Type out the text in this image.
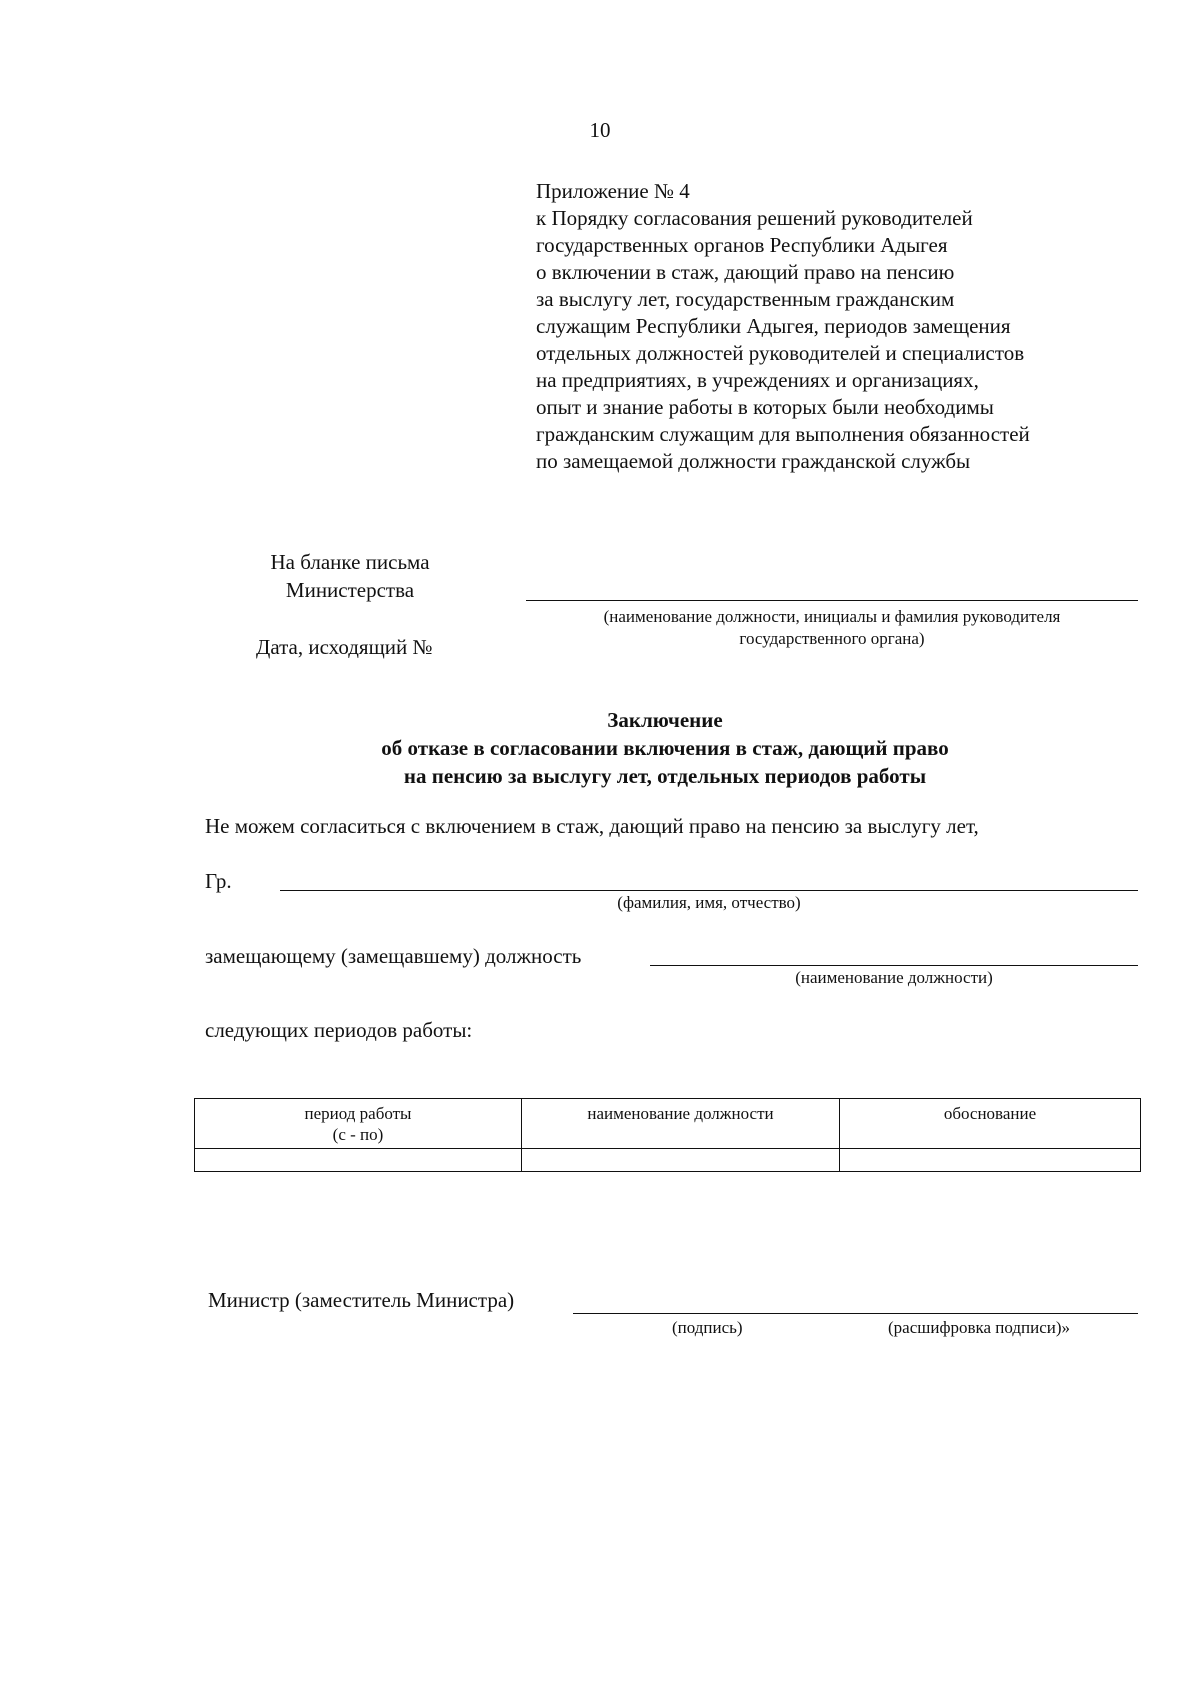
10
Приложение № 4
к Порядку согласования решений руководителей
государственных органов Республики Адыгея
о включении в стаж, дающий право на пенсию
за выслугу лет, государственным гражданским
служащим Республики Адыгея, периодов замещения
отдельных должностей руководителей и специалистов
на предприятиях, в учреждениях и организациях,
опыт и знание работы в которых были необходимы
гражданским служащим для выполнения обязанностей
по замещаемой должности гражданской службы
На бланке письма
Министерства
Дата, исходящий №
(наименование должности, инициалы и фамилия руководителя
государственного органа)
Заключение
об отказе в согласовании включения в стаж, дающий право
на пенсию за выслугу лет, отдельных периодов работы
Не можем согласиться с включением в стаж, дающий право на пенсию за выслугу лет,
Гр.
(фамилия, имя, отчество)
замещающему (замещавшему) должность
(наименование должности)
следующих периодов работы:
период работы
(с - по)	наименование должности	обоснование

Министр (заместитель Министра)
(подпись)	(расшифровка подписи)»
